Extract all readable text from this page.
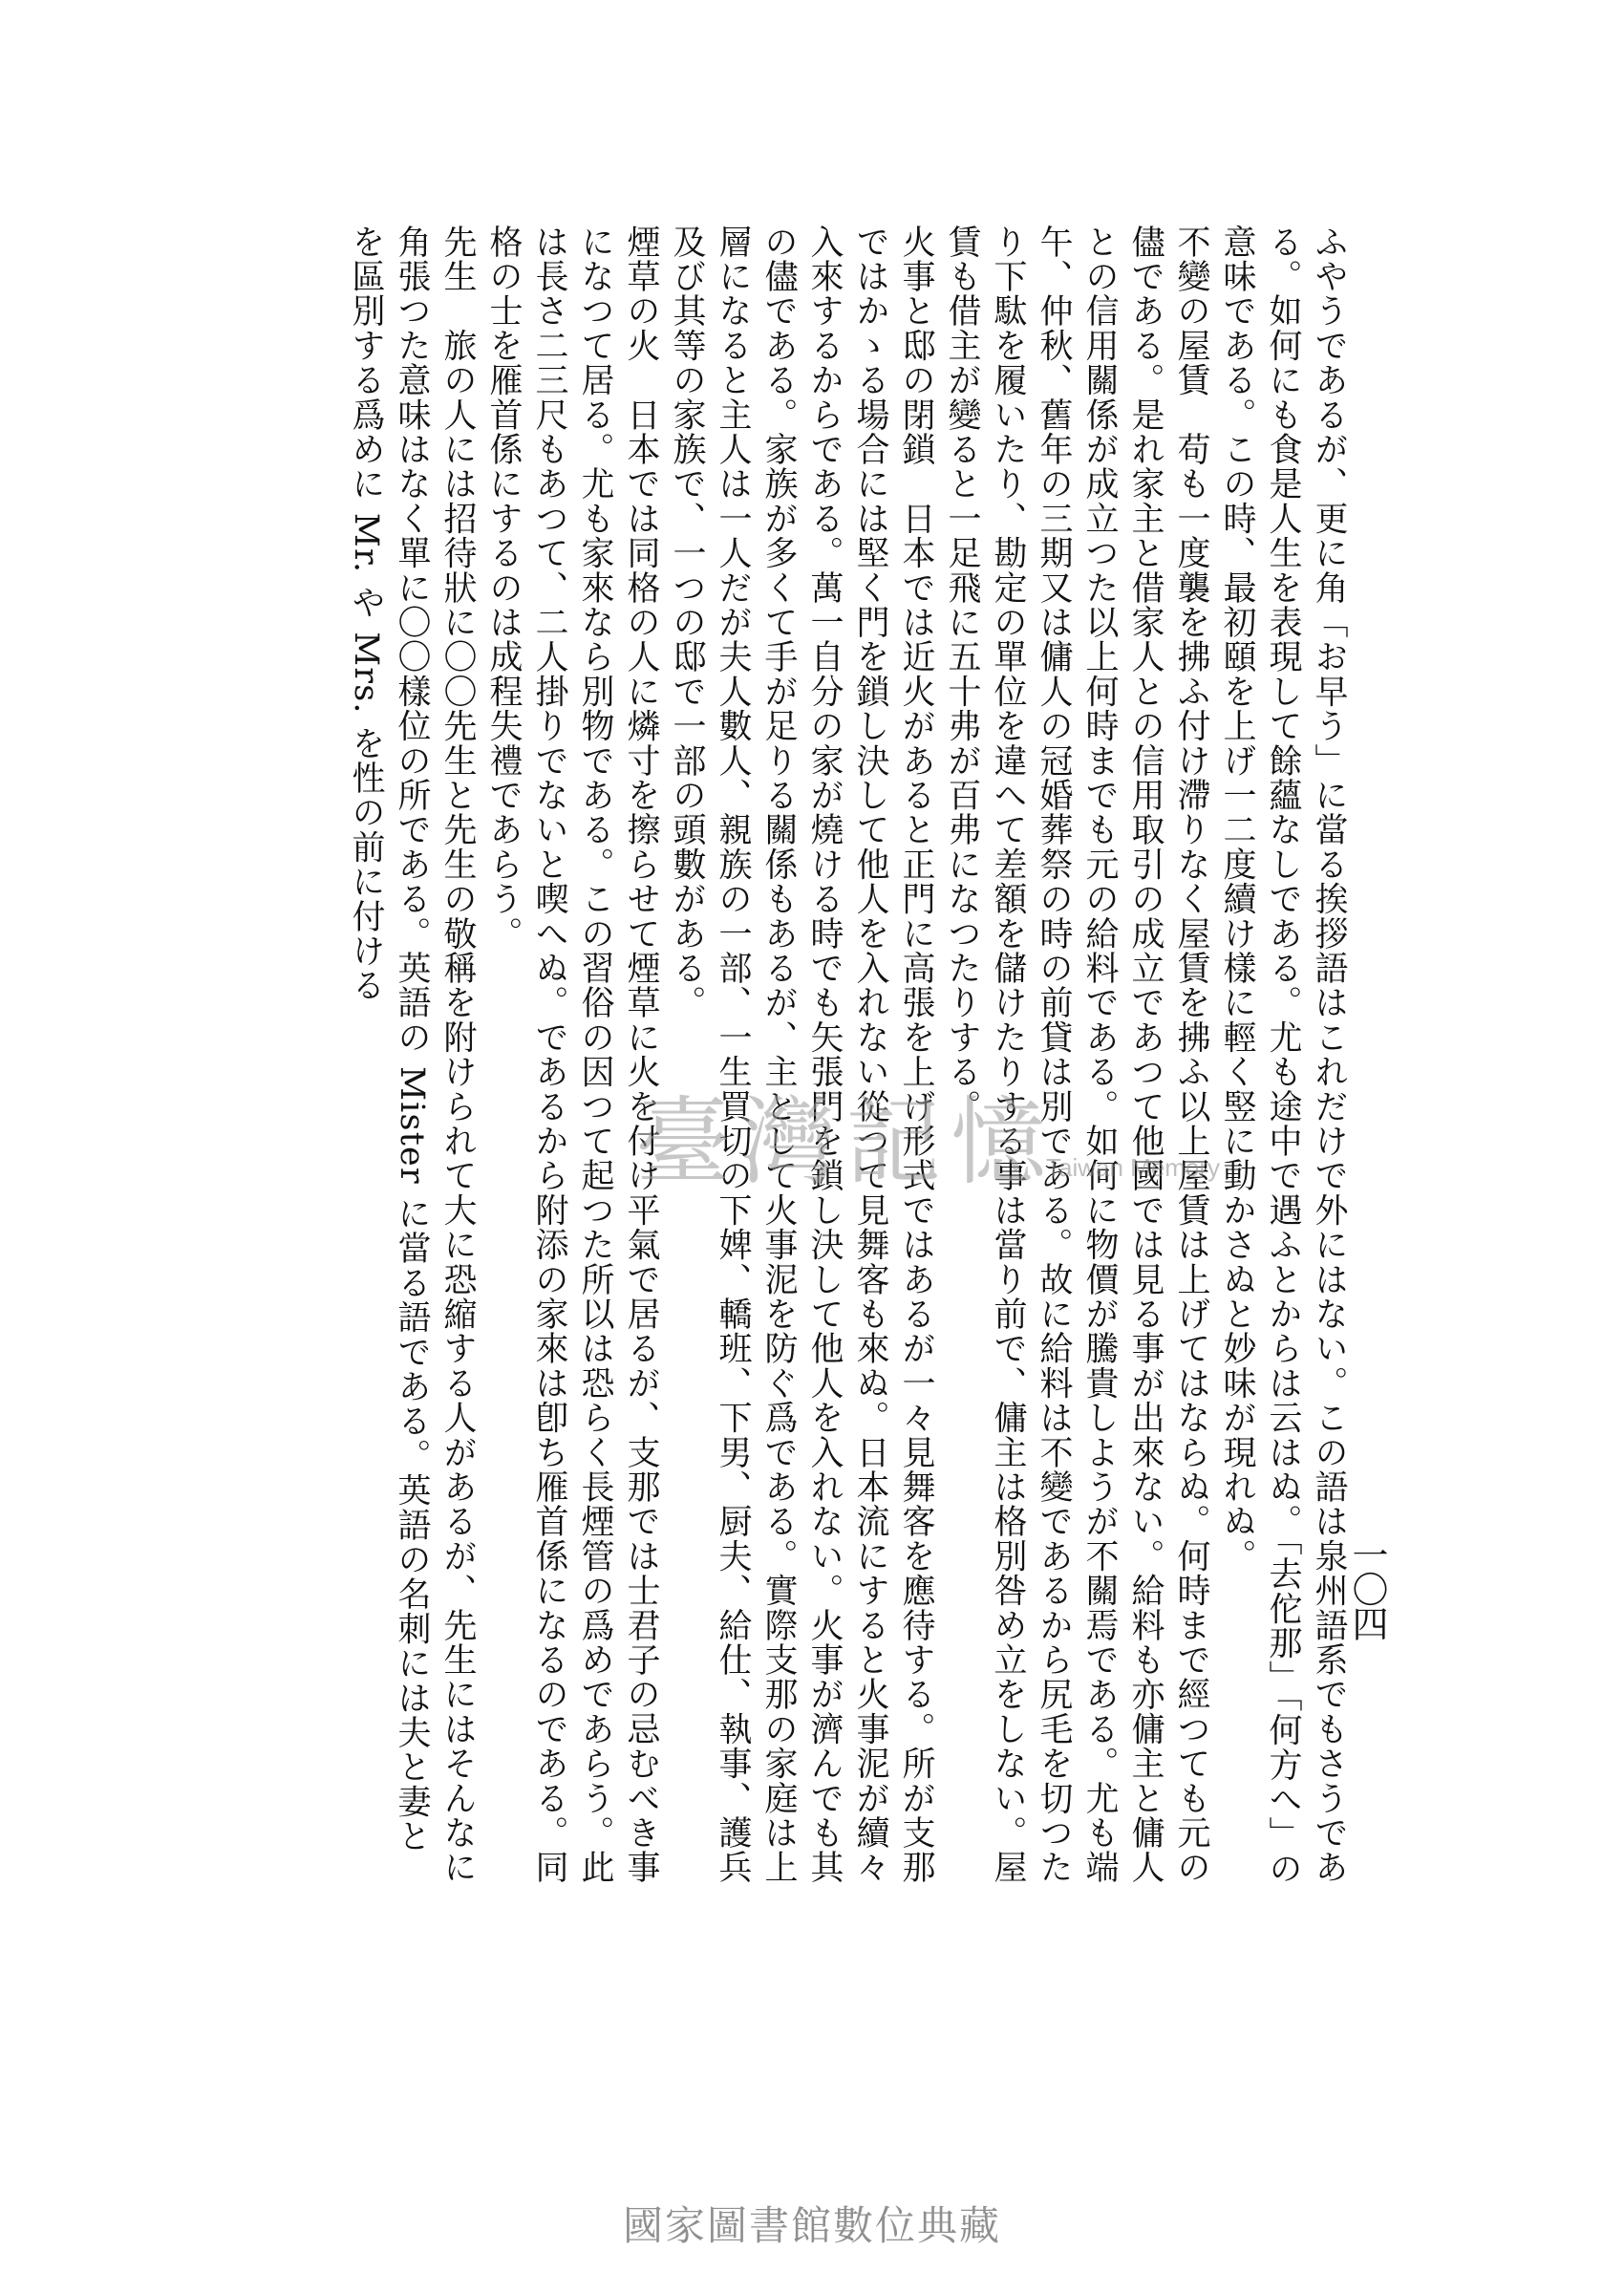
一〇四

ふやうであるが、更に角「お早う」に當る挨拶語はこれだけで外にはない。この語は泉州語系でもさうである。如何にも食是人生を表現して餘蘊なしである。尤も途中で遇ふとからは云はぬ。「去佗那」「何方へ」の意味である。この時、最初頤を上げ一二度續け樣に輕く竪に動かさぬと妙味が現れぬ。

不變の屋賃　苟も一度襲を拂ふ付け滯りなく屋賃を拂ふ以上屋賃は上げてはならぬ。何時まで經つても元の儘である。是れ家主と借家人との信用取引の成立であつて他國では見る事が出來ない。給料も亦傭主と傭人との信用關係が成立つた以上何時までも元の給料である。如何に物價が騰貴しようが不關焉である。尤も端午、仲秋、舊年の三期又は傭人の冠婚葬祭の時の前貸は別である。故に給料は不變であるから尻毛を切つたり下駄を履いたり、勘定の單位を違へて差額を儲けたりする事は當り前で、傭主は格別咎め立をしない。屋賃も借主が變ると一足飛に五十弗が百弗になつたりする。

火事と邸の閉鎖　日本では近火があると正門に高張を上げ形式ではあるが一々見舞客を應待する。所が支那ではかゝる場合には堅く門を鎖し決して他人を入れない從つて見舞客も來ぬ。日本流にすると火事泥が續々入來するからである。萬一自分の家が燒ける時でも矢張門を鎖し決して他人を入れない。火事が濟んでも其の儘である。家族が多くて手が足りる關係もあるが、主として火事泥を防ぐ爲である。實際支那の家庭は上層になると主人は一人だが夫人數人、親族の一部、一生買切の下婢、轎班、下男、厨夫、給仕、執事、護兵及び其等の家族で、一つの邸で一部の頭數がある。

煙草の火　日本では同格の人に燐寸を擦らせて煙草に火を付け平氣で居るが、支那では士君子の忌むべき事になつて居る。尤も家來なら別物である。この習俗の因つて起つた所以は恐らく長煙管の爲めであらう。此は長さ二三尺もあつて、二人掛りでないと喫へぬ。であるから附添の家來は卽ち雁首係になるのである。同格の士を雁首係にするのは成程失禮であらう。

先生　旅の人には招待狀に〇〇先生と先生の敬稱を附けられて大に恐縮する人があるが、先生にはそんなに角張つた意味はなく單に〇〇樣位の所である。英語の Mister に當る語である。英語の名刺には夫と妻とを區別する爲めに Mr. や Mrs. を性の前に付ける

臺灣記憶
Taiwan Memory
國家圖書館數位典藏
